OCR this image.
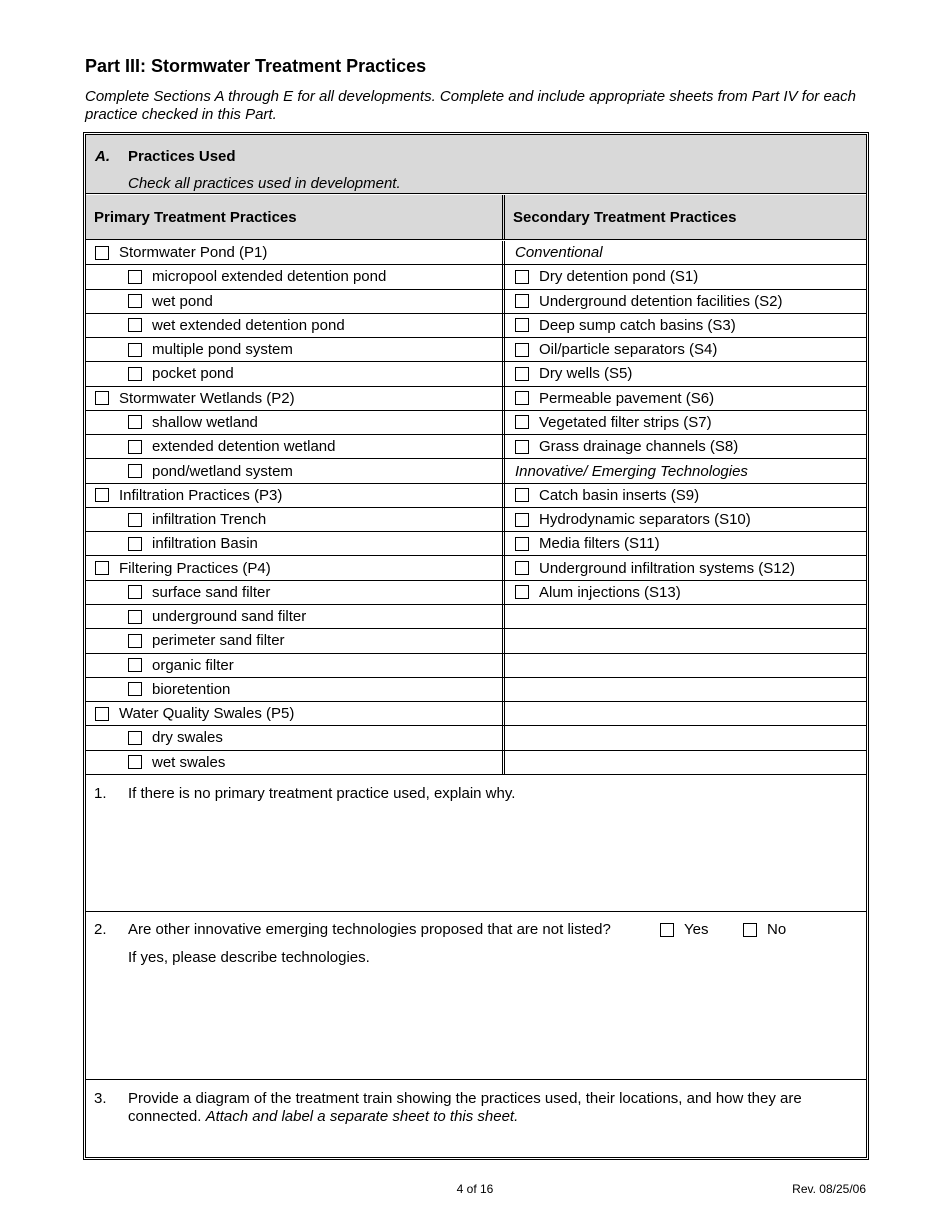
Part III: Stormwater Treatment Practices
Complete Sections A through E for all developments. Complete and include appropriate sheets from Part IV for each practice checked in this Part.
A. Practices Used
Check all practices used in development.
Primary Treatment Practices	Secondary Treatment Practices
Stormwater Pond (P1)	Conventional
micropool extended detention pond	Dry detention pond (S1)
wet pond	Underground detention facilities (S2)
wet extended detention pond	Deep sump catch basins (S3)
multiple pond system	Oil/particle separators (S4)
pocket pond	Dry wells (S5)
Stormwater Wetlands (P2)	Permeable pavement (S6)
shallow wetland	Vegetated filter strips (S7)
extended detention wetland	Grass drainage channels (S8)
pond/wetland system	Innovative/ Emerging Technologies
Infiltration Practices (P3)	Catch basin inserts (S9)
infiltration Trench	Hydrodynamic separators (S10)
infiltration Basin	Media filters (S11)
Filtering Practices (P4)	Underground infiltration systems (S12)
surface sand filter	Alum injections (S13)
underground sand filter
perimeter sand filter
organic filter
bioretention
Water Quality Swales (P5)
dry swales
wet swales
1. If there is no primary treatment practice used, explain why.
2. Are other innovative emerging technologies proposed that are not listed?	Yes	No
If yes, please describe technologies.
3. Provide a diagram of the treatment train showing the practices used, their locations, and how they are connected. Attach and label a separate sheet to this sheet.
4 of 16	Rev. 08/25/06
